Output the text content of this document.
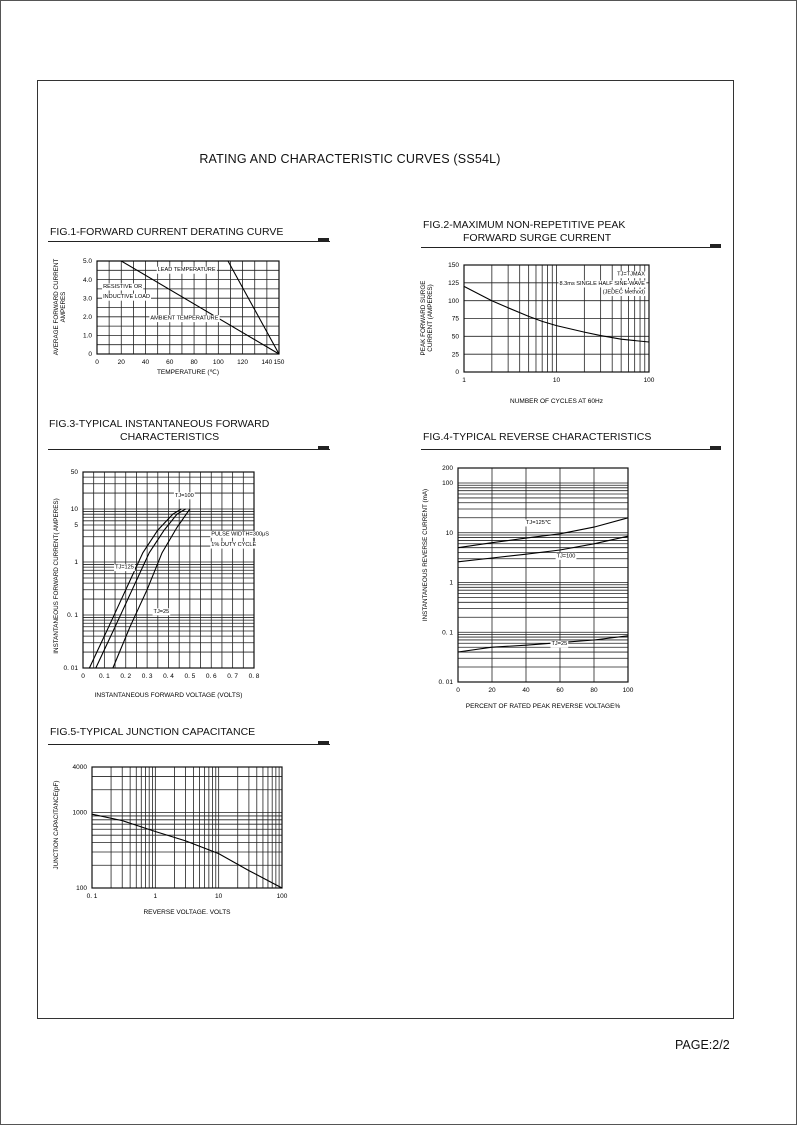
RATING AND CHARACTERISTIC CURVES (SS54L)
FIG.1-FORWARD CURRENT DERATING CURVE
FIG.2-MAXIMUM NON-REPETITIVE PEAK
FORWARD SURGE CURRENT
FIG.3-TYPICAL INSTANTANEOUS FORWARD
CHARACTERISTICS	FIG.4-TYPICAL REVERSE CHARACTERISTICS
FIG.5-TYPICAL JUNCTION CAPACITANCE
0	20	40	60	80 100 120 140 150
0
1.0
2.0
3.0
4.0
5.0
TEMPERATURE (℃)
AVERAGE FORWARD CURRENT AMPERES
LEAD TEMPERATURE
RESISTIVE OR
INDUCTIVE LOAD
AMBIENT TEMPERATURE
1	10	100
0
25
50
75
100
125
150
NUMBER OF CYCLES AT 60Hz
PEAK FORWARD SURGE CURRENT (AMPERES)
TJ=TJMAX
8.3ms SINGLE HALF SINE-WAVE
(JEDEC Method)
0 0. 1 0. 2 0. 3 0. 4 0. 5 0. 6 0. 7 0. 8
0. 01
0. 1
1
5
10
50
INSTANTANEOUS FORWARD VOLTAGE (VOLTS)
INSTANTANEOUS FORWARD CURRENT( AMPERES)
TJ=100
TJ=125
TJ=25
PULSE WIDTH=300μS
1% DUTY CYCLE
0	20	40	60	80	100
0. 01
0. 1
1
10
100
200
PERCENT OF RATED PEAK REVERSE VOLTAGE%
INSTANTANEOUS REVERSE CURRENT (mA)	TJ=125℃
TJ=100
TJ=25
0. 1	1	10	100
100
1000
4000
REVERSE VOLTAGE. VOLTS
JUNCTION CAPACITANCE(pF)
PAGE:2/2
